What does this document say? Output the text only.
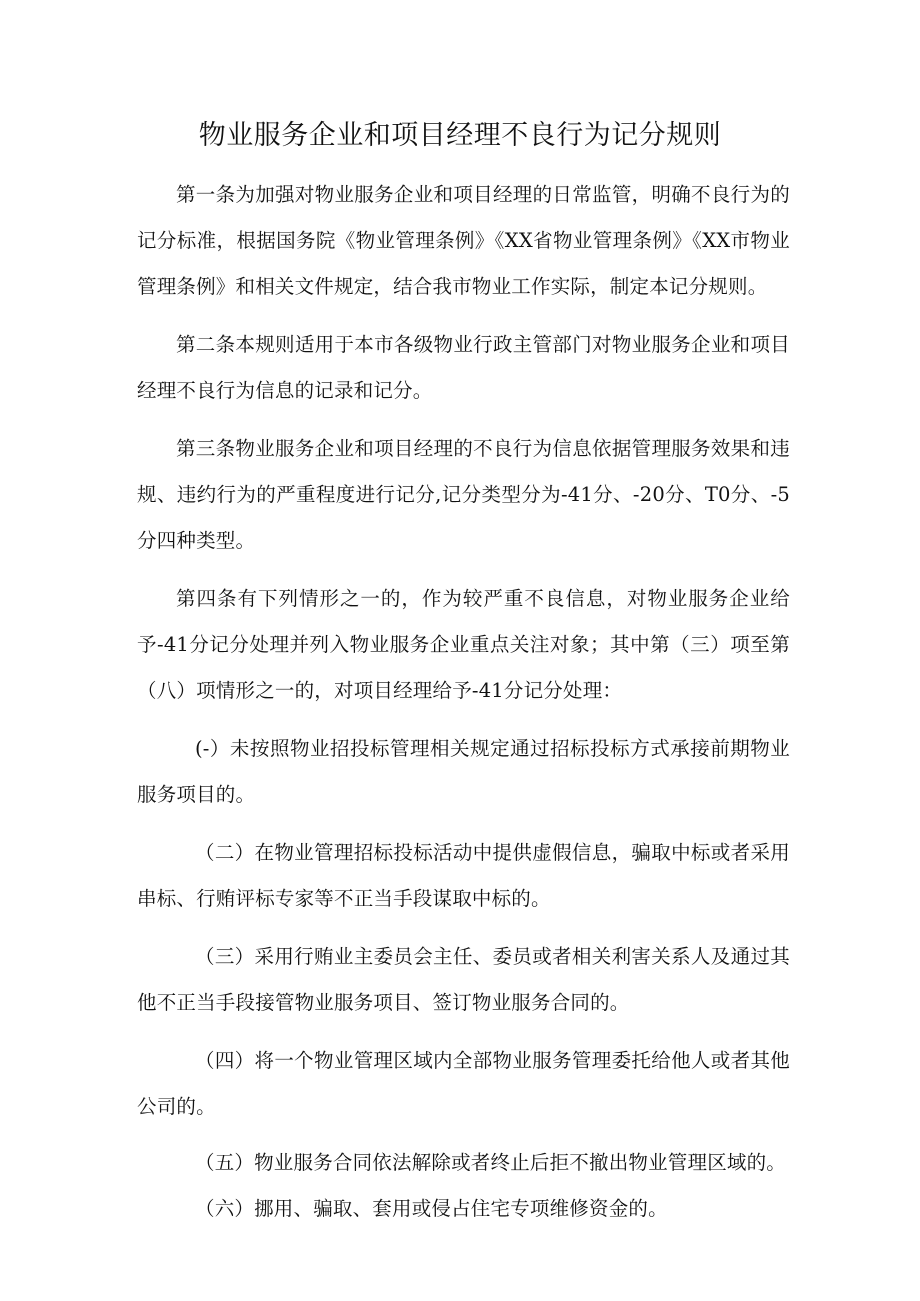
物业服务企业和项目经理不良行为记分规则

第一条为加强对物业服务企业和项目经理的日常监管，明确不良行为的记分标准，根据国务院《物业管理条例》《XX省物业管理条例》《XX市物业管理条例》和相关文件规定，结合我市物业工作实际，制定本记分规则。

第二条本规则适用于本市各级物业行政主管部门对物业服务企业和项目经理不良行为信息的记录和记分。

第三条物业服务企业和项目经理的不良行为信息依据管理服务效果和违规、违约行为的严重程度进行记分,记分类型分为-41分、-20分、T0分、-5分四种类型。

第四条有下列情形之一的，作为较严重不良信息，对物业服务企业给予-41分记分处理并列入物业服务企业重点关注对象；其中第（三）项至第（八）项情形之一的，对项目经理给予-41分记分处理：

(-）未按照物业招投标管理相关规定通过招标投标方式承接前期物业服务项目的。

（二）在物业管理招标投标活动中提供虚假信息，骗取中标或者采用串标、行贿评标专家等不正当手段谋取中标的。

（三）采用行贿业主委员会主任、委员或者相关利害关系人及通过其他不正当手段接管物业服务项目、签订物业服务合同的。

（四）将一个物业管理区域内全部物业服务管理委托给他人或者其他公司的。

（五）物业服务合同依法解除或者终止后拒不撤出物业管理区域的。

（六）挪用、骗取、套用或侵占住宅专项维修资金的。
